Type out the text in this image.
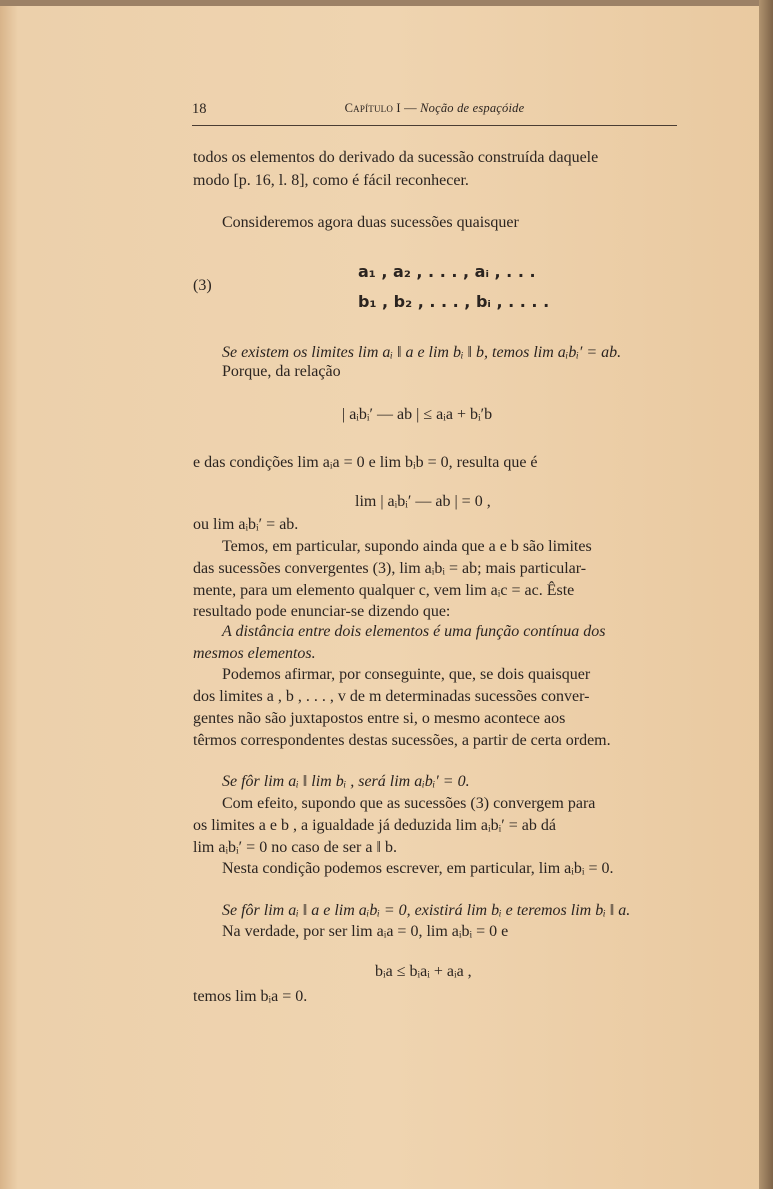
18	Capítulo I — Noção de espaçóide
todos os elementos do derivado da sucessão construída daquele
modo [p. 16, l. 8], como é fácil reconhecer.
Consideremos agora duas sucessões quaisquer
(3)
a₁ , a₂ , . . . , aᵢ , . . .
b₁ , b₂ , . . . , bᵢ , . . . .
Se existem os limites lim aᵢ ‖ a e lim bᵢ ‖ b, temos lim aᵢbᵢ′ = ab.
Porque, da relação
| aᵢbᵢ′ — ab | ≤ aᵢa + bᵢ′b
e das condições lim aᵢa = 0 e lim bᵢb = 0, resulta que é
lim | aᵢbᵢ′ — ab | = 0 ,
ou lim aᵢbᵢ′ = ab.
Temos, em particular, supondo ainda que a e b são limites
das sucessões convergentes (3), lim aᵢbᵢ = ab; mais particular-
mente, para um elemento qualquer c, vem lim aᵢc = ac. Êste
resultado pode enunciar-se dizendo que:
A distância entre dois elementos é uma função contínua dos
mesmos elementos.
Podemos afirmar, por conseguinte, que, se dois quaisquer
dos limites a , b , . . . , v de m determinadas sucessões conver-
gentes não são juxtapostos entre si, o mesmo acontece aos
têrmos correspondentes destas sucessões, a partir de certa ordem.
Se fôr lim aᵢ ‖ lim bᵢ , será lim aᵢbᵢ′ = 0.
Com efeito, supondo que as sucessões (3) convergem para
os limites a e b , a igualdade já deduzida lim aᵢbᵢ′ = ab dá
lim aᵢbᵢ′ = 0 no caso de ser a ‖ b.
Nesta condição podemos escrever, em particular, lim aᵢbᵢ = 0.
Se fôr lim aᵢ ‖ a e lim aᵢbᵢ = 0, existirá lim bᵢ e teremos lim bᵢ ‖ a.
Na verdade, por ser lim aᵢa = 0, lim aᵢbᵢ = 0 e
bᵢa ≤ bᵢaᵢ + aᵢa ,
temos lim bᵢa = 0.
